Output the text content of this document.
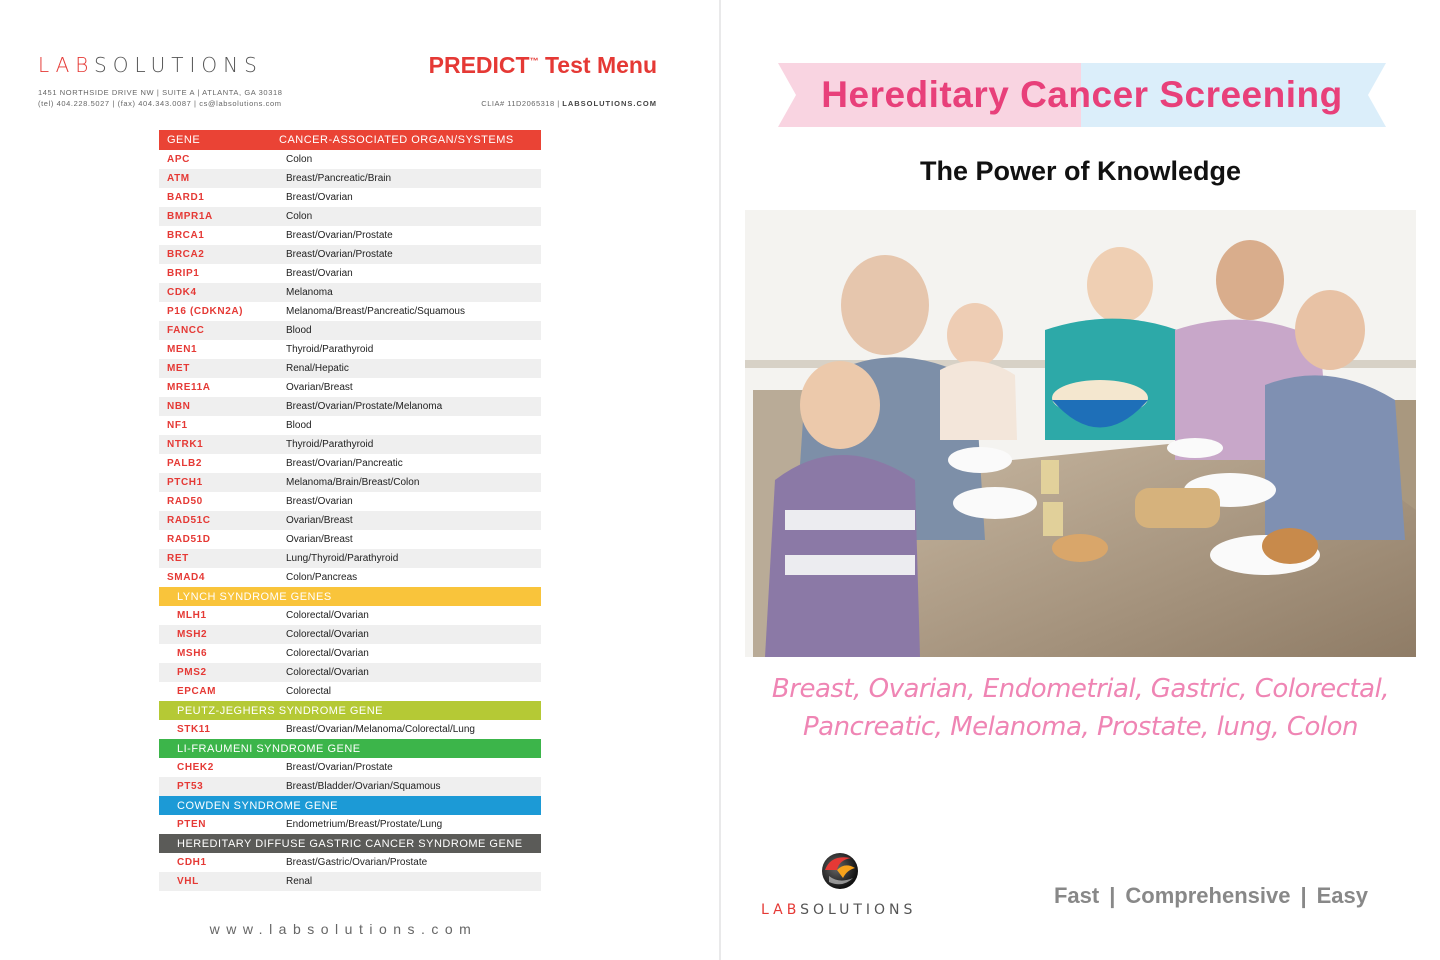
LABSOLUTIONS
1451 NORTHSIDE DRIVE NW | SUITE A | ATLANTA, GA 30318
(tel) 404.228.5027 | (fax) 404.343.0087 | cs@labsolutions.com
PREDICT™ Test Menu
CLIA# 11D2065318 | LABSOLUTIONS.COM
GENE	CANCER-ASSOCIATED ORGAN/SYSTEMS
APC	Colon
ATM	Breast/Pancreatic/Brain
BARD1	Breast/Ovarian
BMPR1A	Colon
BRCA1	Breast/Ovarian/Prostate
BRCA2	Breast/Ovarian/Prostate
BRIP1	Breast/Ovarian
CDK4	Melanoma
P16 (CDKN2A)	Melanoma/Breast/Pancreatic/Squamous
FANCC	Blood
MEN1	Thyroid/Parathyroid
MET	Renal/Hepatic
MRE11A	Ovarian/Breast
NBN	Breast/Ovarian/Prostate/Melanoma
NF1	Blood
NTRK1	Thyroid/Parathyroid
PALB2	Breast/Ovarian/Pancreatic
PTCH1	Melanoma/Brain/Breast/Colon
RAD50	Breast/Ovarian
RAD51C	Ovarian/Breast
RAD51D	Ovarian/Breast
RET	Lung/Thyroid/Parathyroid
SMAD4	Colon/Pancreas
LYNCH SYNDROME GENES
MLH1	Colorectal/Ovarian
MSH2	Colorectal/Ovarian
MSH6	Colorectal/Ovarian
PMS2	Colorectal/Ovarian
EPCAM	Colorectal
PEUTZ-JEGHERS SYNDROME GENE
STK11	Breast/Ovarian/Melanoma/Colorectal/Lung
LI-FRAUMENI SYNDROME GENE
CHEK2	Breast/Ovarian/Prostate
PT53	Breast/Bladder/Ovarian/Squamous
COWDEN SYNDROME GENE
PTEN	Endometrium/Breast/Prostate/Lung
HEREDITARY DIFFUSE GASTRIC CANCER SYNDROME GENE
CDH1	Breast/Gastric/Ovarian/Prostate
VHL	Renal
www.labsolutions.com
Hereditary Cancer Screening
The Power of Knowledge
Breast, Ovarian, Endometrial, Gastric, Colorectal,
Pancreatic, Melanoma, Prostate, lung, Colon
LABSOLUTIONS
Fast | Comprehensive | Easy
